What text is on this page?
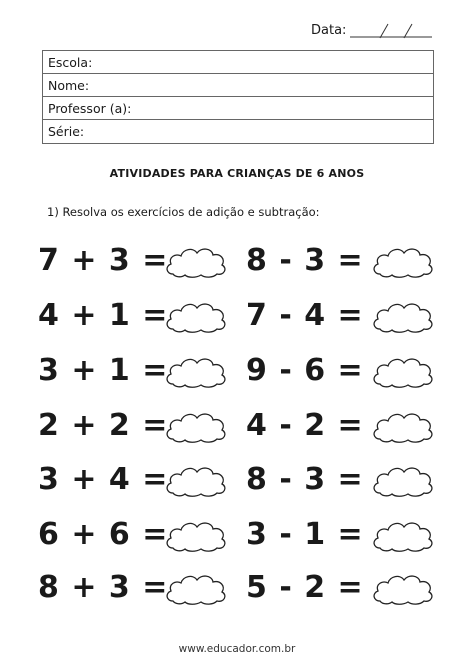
Data:
Escola:
Nome:
Professor (a):
Série:
ATIVIDADES PARA CRIANÇAS DE 6 ANOS
1) Resolva os exercícios de adição e subtração:
7 + 3 =	8 - 3 =
4 + 1 =	7 - 4 =
3 + 1 =	9 - 6 =
2 + 2 =	4 - 2 =
3 + 4 =	8 - 3 =
6 + 6 =	3 - 1 =
8 + 3 =	5 - 2 =
www.educador.com.br
